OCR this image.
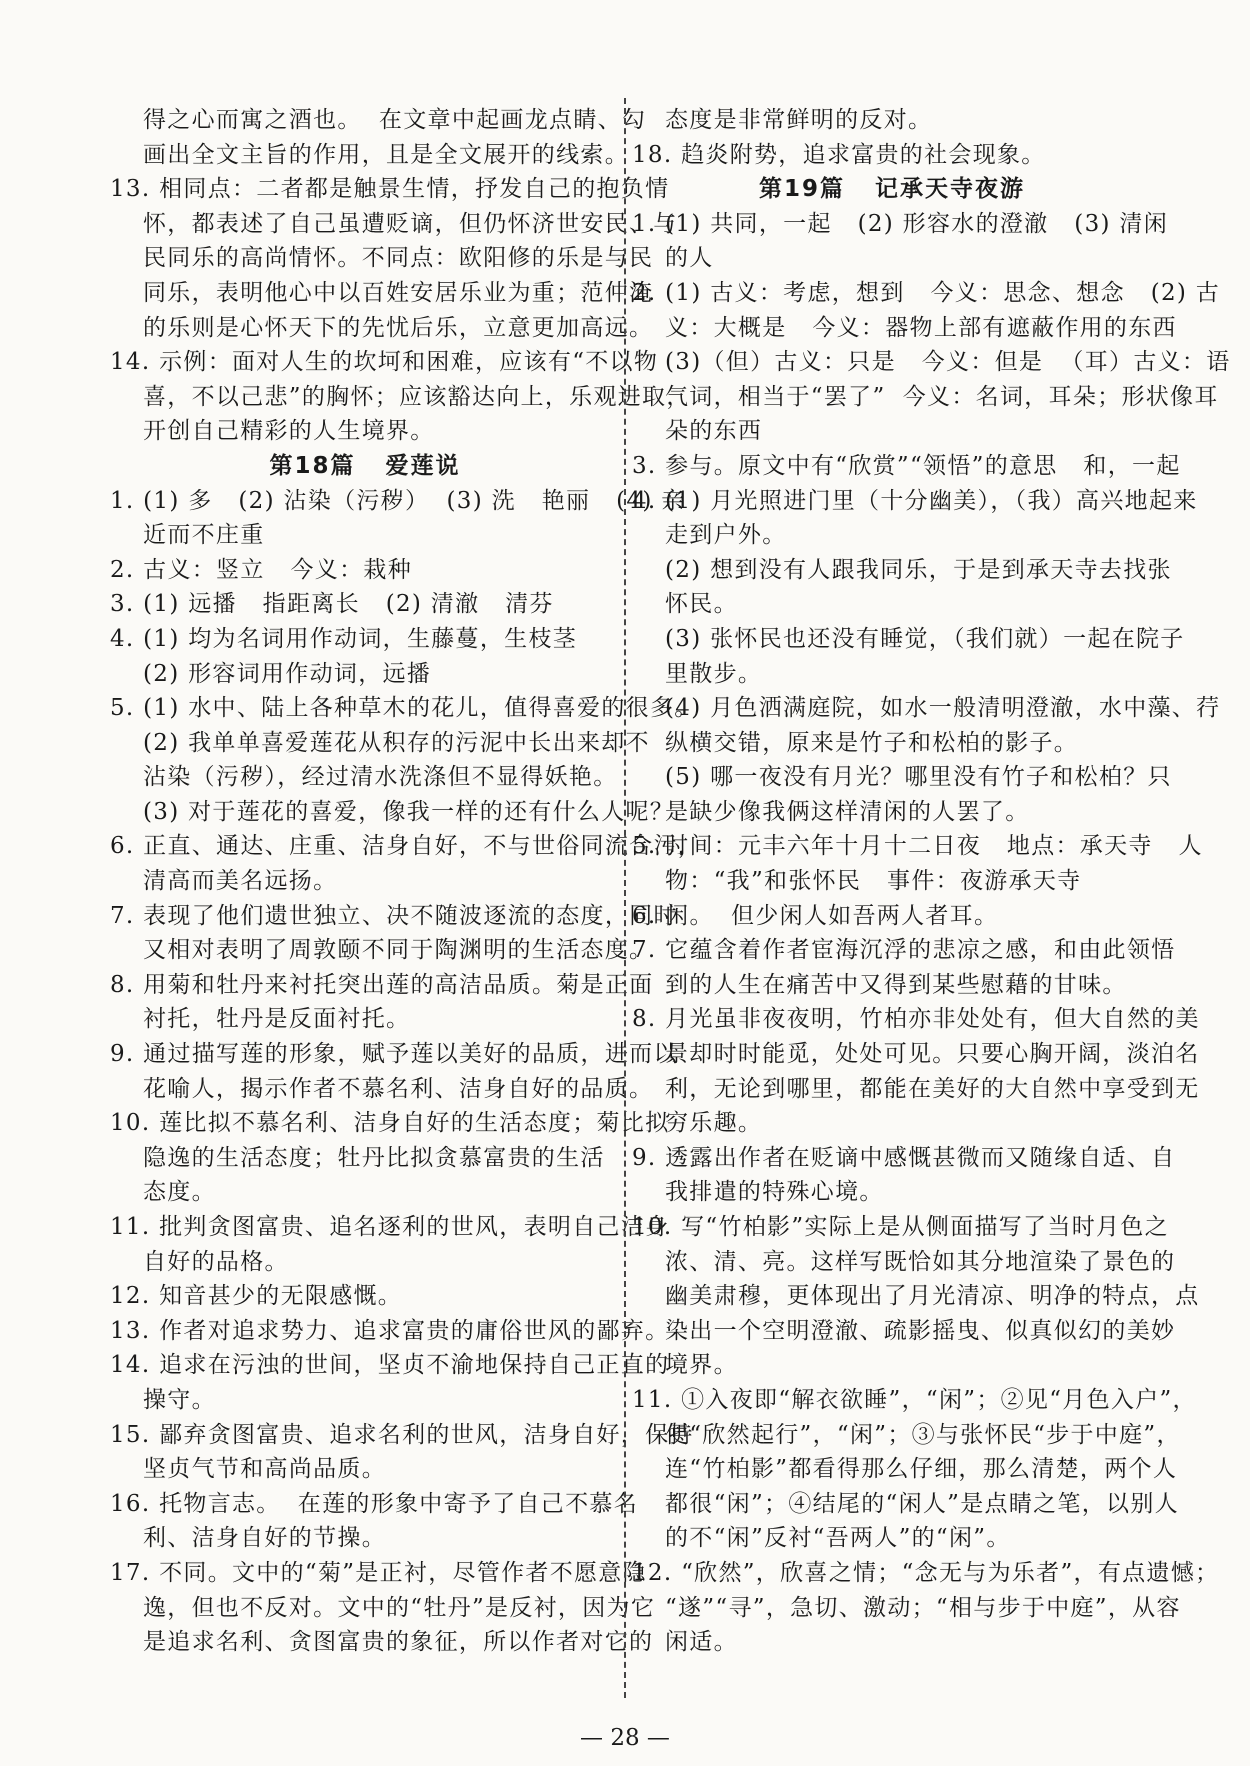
得之心而寓之酒也。  在文章中起画龙点睛、勾
画出全文主旨的作用，且是全文展开的线索。
13. 相同点：二者都是触景生情，抒发自己的抱负情
怀，都表述了自己虽遭贬谪，但仍怀济世安民、与
民同乐的高尚情怀。不同点：欧阳修的乐是与民
同乐，表明他心中以百姓安居乐业为重；范仲淹
的乐则是心怀天下的先忧后乐，立意更加高远。
14. 示例：面对人生的坎坷和困难，应该有“不以物
喜，不以己悲”的胸怀；应该豁达向上，乐观进取，
开创自己精彩的人生境界。
第18篇   爱莲说
1. (1) 多   (2) 沾染（污秽）  (3) 洗   艳丽   (4) 亲
近而不庄重
2. 古义：竖立   今义：栽种
3. (1) 远播   指距离长   (2) 清澈   清芬
4. (1) 均为名词用作动词，生藤蔓，生枝茎
(2) 形容词用作动词，远播
5. (1) 水中、陆上各种草木的花儿，值得喜爱的很多。
(2) 我单单喜爱莲花从积存的污泥中长出来却不
沾染（污秽），经过清水洗涤但不显得妖艳。
(3) 对于莲花的喜爱，像我一样的还有什么人呢？
6. 正直、通达、庄重、洁身自好，不与世俗同流合污，
清高而美名远扬。
7. 表现了他们遗世独立、决不随波逐流的态度，同时
又相对表明了周敦颐不同于陶渊明的生活态度。
8. 用菊和牡丹来衬托突出莲的高洁品质。菊是正面
衬托，牡丹是反面衬托。
9. 通过描写莲的形象，赋予莲以美好的品质，进而以
花喻人，揭示作者不慕名利、洁身自好的品质。
10. 莲比拟不慕名利、洁身自好的生活态度；菊比拟
隐逸的生活态度；牡丹比拟贪慕富贵的生活
态度。
11. 批判贪图富贵、追名逐利的世风，表明自己洁身
自好的品格。
12. 知音甚少的无限感慨。
13. 作者对追求势力、追求富贵的庸俗世风的鄙弃。
14. 追求在污浊的世间，坚贞不渝地保持自己正直的
操守。
15. 鄙弃贪图富贵、追求名利的世风，洁身自好，保持
坚贞气节和高尚品质。
16. 托物言志。  在莲的形象中寄予了自己不慕名
利、洁身自好的节操。
17. 不同。文中的“菊”是正衬，尽管作者不愿意隐
逸，但也不反对。文中的“牡丹”是反衬，因为它
是追求名利、贪图富贵的象征，所以作者对它的
态度是非常鲜明的反对。
18. 趋炎附势，追求富贵的社会现象。
第19篇   记承天寺夜游
1. (1) 共同，一起   (2) 形容水的澄澈   (3) 清闲
的人
2. (1) 古义：考虑，想到   今义：思念、想念   (2) 古
义：大概是   今义：器物上部有遮蔽作用的东西
(3)（但）古义：只是   今义：但是  （耳）古义：语
气词，相当于“罢了”  今义：名词，耳朵；形状像耳
朵的东西
3. 参与。原文中有“欣赏”“领悟”的意思   和，一起
4. (1) 月光照进门里（十分幽美），（我）高兴地起来
走到户外。
(2) 想到没有人跟我同乐，于是到承天寺去找张
怀民。
(3) 张怀民也还没有睡觉，（我们就）一起在院子
里散步。
(4) 月色洒满庭院，如水一般清明澄澈，水中藻、荇
纵横交错，原来是竹子和松柏的影子。
(5) 哪一夜没有月光？哪里没有竹子和松柏？只
是缺少像我俩这样清闲的人罢了。
5. 时间：元丰六年十月十二日夜   地点：承天寺   人
物：“我”和张怀民   事件：夜游承天寺
6. 闲。  但少闲人如吾两人者耳。
7. 它蕴含着作者宦海沉浮的悲凉之感，和由此领悟
到的人生在痛苦中又得到某些慰藉的甘味。
8. 月光虽非夜夜明，竹柏亦非处处有，但大自然的美
景却时时能觅，处处可见。只要心胸开阔，淡泊名
利，无论到哪里，都能在美好的大自然中享受到无
穷乐趣。
9. 透露出作者在贬谪中感慨甚微而又随缘自适、自
我排遣的特殊心境。
10. 写“竹柏影”实际上是从侧面描写了当时月色之
浓、清、亮。这样写既恰如其分地渲染了景色的
幽美肃穆，更体现出了月光清凉、明净的特点，点
染出一个空明澄澈、疏影摇曳、似真似幻的美妙
境界。
11. ①入夜即“解衣欲睡”，“闲”；②见“月色入户”，
便“欣然起行”，“闲”；③与张怀民“步于中庭”，
连“竹柏影”都看得那么仔细，那么清楚，两个人
都很“闲”；④结尾的“闲人”是点睛之笔，以别人
的不“闲”反衬“吾两人”的“闲”。
12. “欣然”，欣喜之情；“念无与为乐者”，有点遗憾；
“遂”“寻”，急切、激动；“相与步于中庭”，从容
闲适。
— 28 —
